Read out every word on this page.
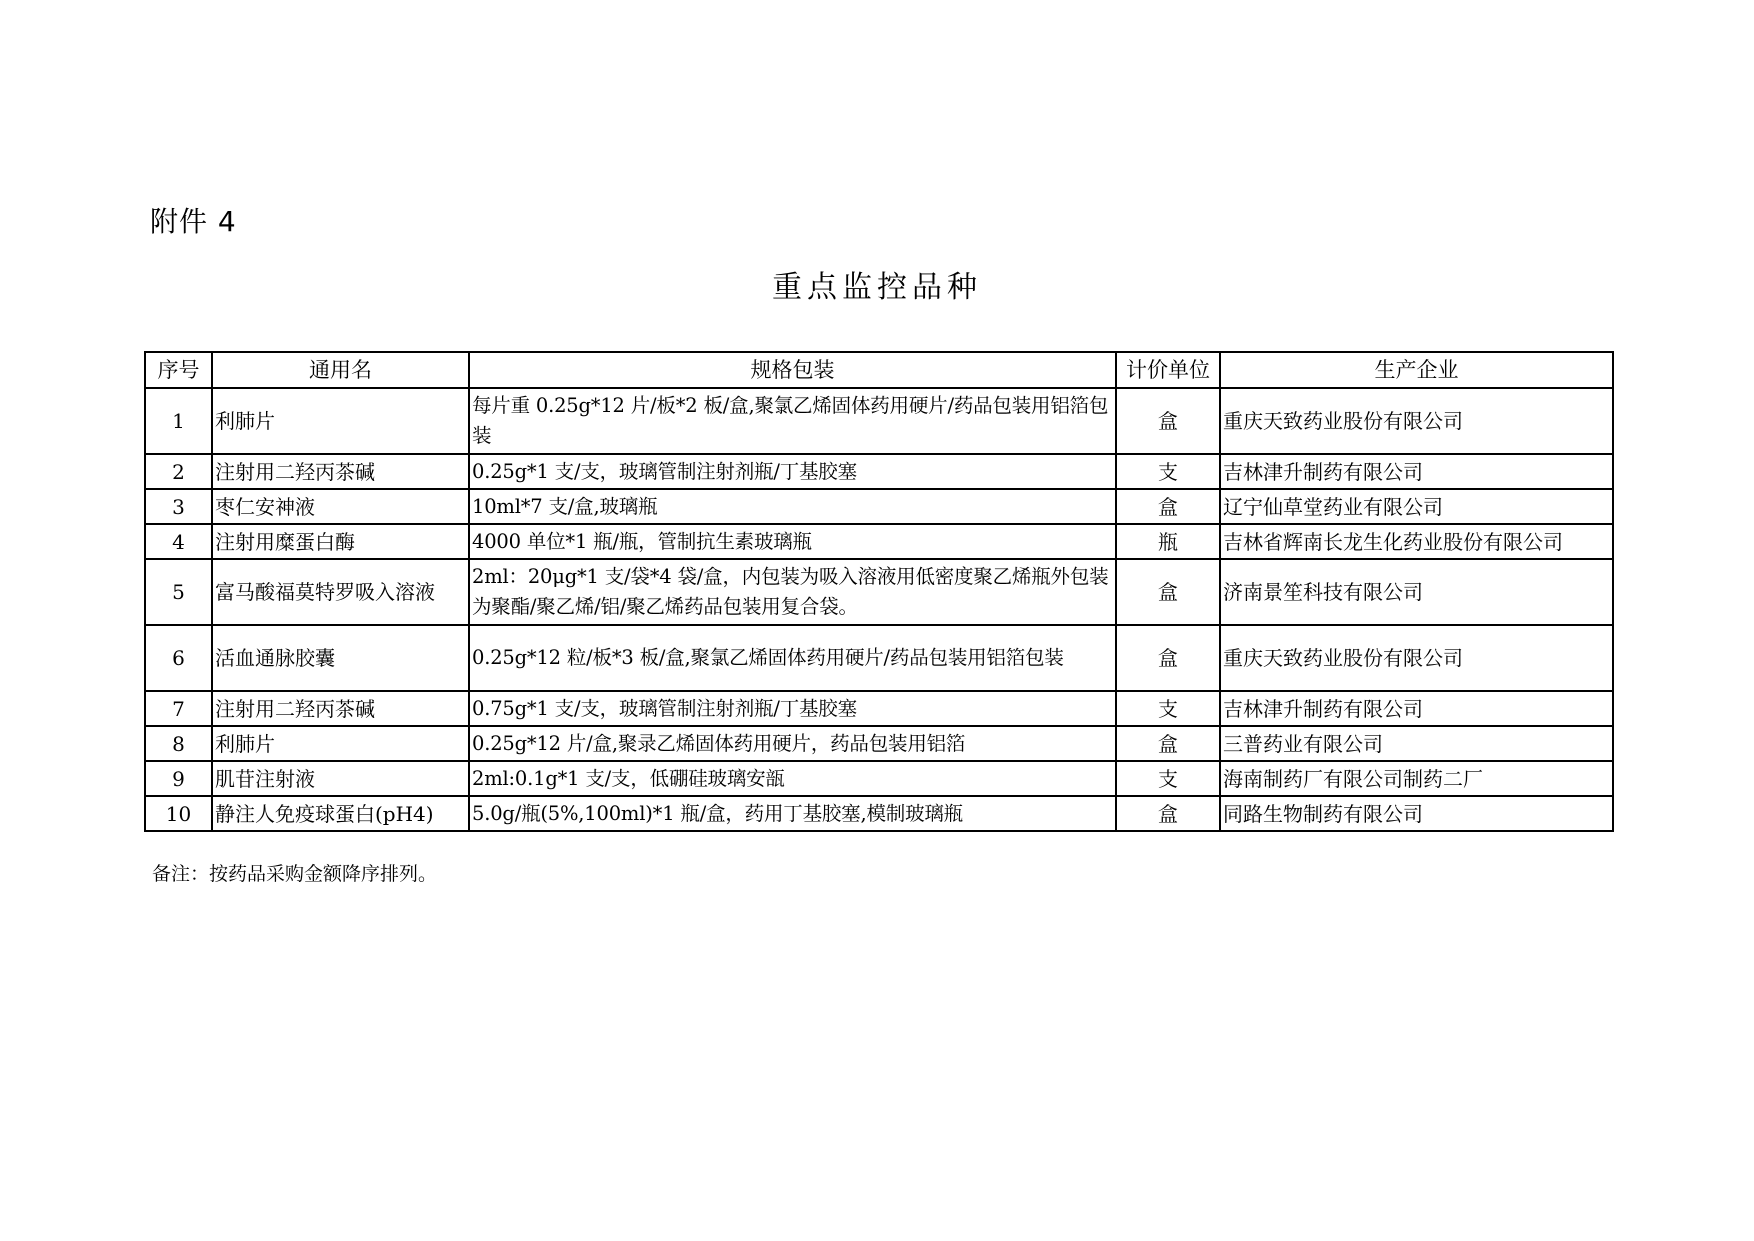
附件 4
重点监控品种
序号	通用名	规格包装	计价单位	生产企业
1	利肺片	每片重 0.25g*12 片/板*2 板/盒,聚氯乙烯固体药用硬片/药品包装用铝箔包装	盒	重庆天致药业股份有限公司
2	注射用二羟丙茶碱	0.25g*1 支/支，玻璃管制注射剂瓶/丁基胶塞	支	吉林津升制药有限公司
3	枣仁安神液	10ml*7 支/盒,玻璃瓶	盒	辽宁仙草堂药业有限公司
4	注射用糜蛋白酶	4000 单位*1 瓶/瓶，管制抗生素玻璃瓶	瓶	吉林省辉南长龙生化药业股份有限公司
5	富马酸福莫特罗吸入溶液	2ml：20μg*1 支/袋*4 袋/盒，内包装为吸入溶液用低密度聚乙烯瓶外包装为聚酯/聚乙烯/铝/聚乙烯药品包装用复合袋。	盒	济南景笙科技有限公司
6	活血通脉胶囊	0.25g*12 粒/板*3 板/盒,聚氯乙烯固体药用硬片/药品包装用铝箔包装	盒	重庆天致药业股份有限公司
7	注射用二羟丙茶碱	0.75g*1 支/支，玻璃管制注射剂瓶/丁基胶塞	支	吉林津升制药有限公司
8	利肺片	0.25g*12 片/盒,聚录乙烯固体药用硬片，药品包装用铝箔	盒	三普药业有限公司
9	肌苷注射液	2ml:0.1g*1 支/支，低硼硅玻璃安瓿	支	海南制药厂有限公司制药二厂
10	静注人免疫球蛋白(pH4)	5.0g/瓶(5%,100ml)*1 瓶/盒，药用丁基胶塞,模制玻璃瓶	盒	同路生物制药有限公司
备注：按药品采购金额降序排列。
